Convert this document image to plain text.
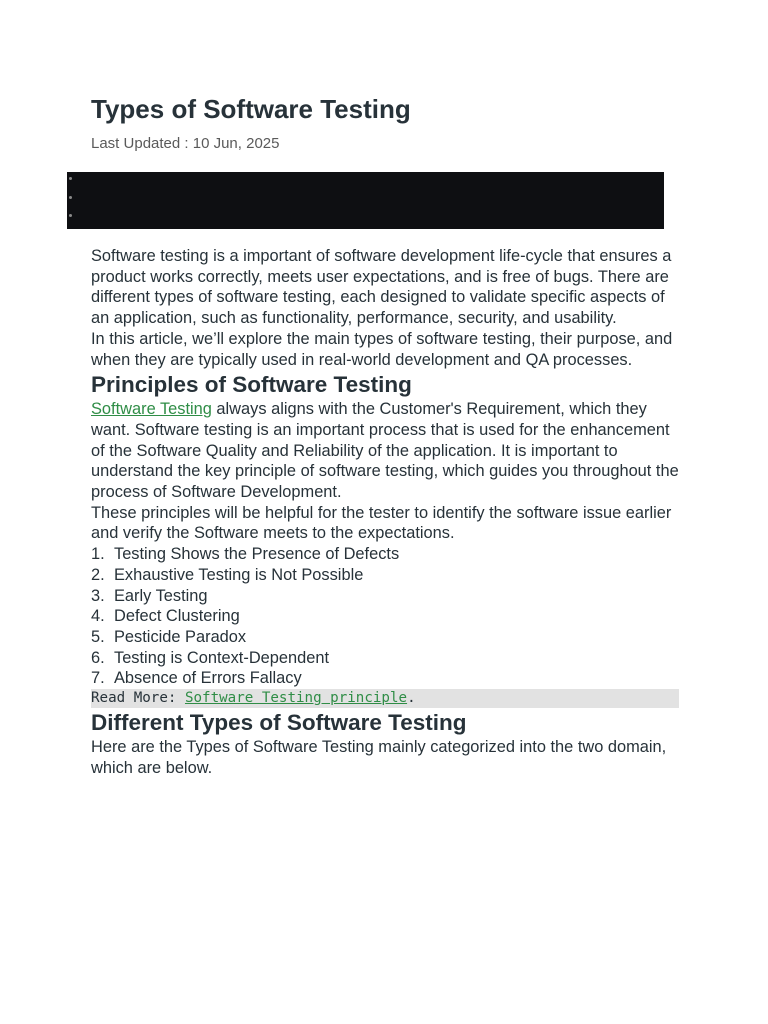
Types of Software Testing
Last Updated : 10 Jun, 2025

Software testing is a important of software development life-cycle that ensures a product works correctly, meets user expectations, and is free of bugs. There are different types of software testing, each designed to validate specific aspects of an application, such as functionality, performance, security, and usability.

In this article, we’ll explore the main types of software testing, their purpose, and when they are typically used in real-world development and QA processes.

Principles of Software Testing

Software Testing always aligns with the Customer's Requirement, which they want. Software testing is an important process that is used for the enhancement of the Software Quality and Reliability of the application. It is important to understand the key principle of software testing, which guides you throughout the process of Software Development.

These principles will be helpful for the tester to identify the software issue earlier and verify the Software meets to the expectations.

1. Testing Shows the Presence of Defects
2. Exhaustive Testing is Not Possible
3. Early Testing
4. Defect Clustering
5. Pesticide Paradox
6. Testing is Context-Dependent
7. Absence of Errors Fallacy
Read More: Software Testing principle.
Different Types of Software Testing

Here are the Types of Software Testing mainly categorized into the two domain, which are below.
